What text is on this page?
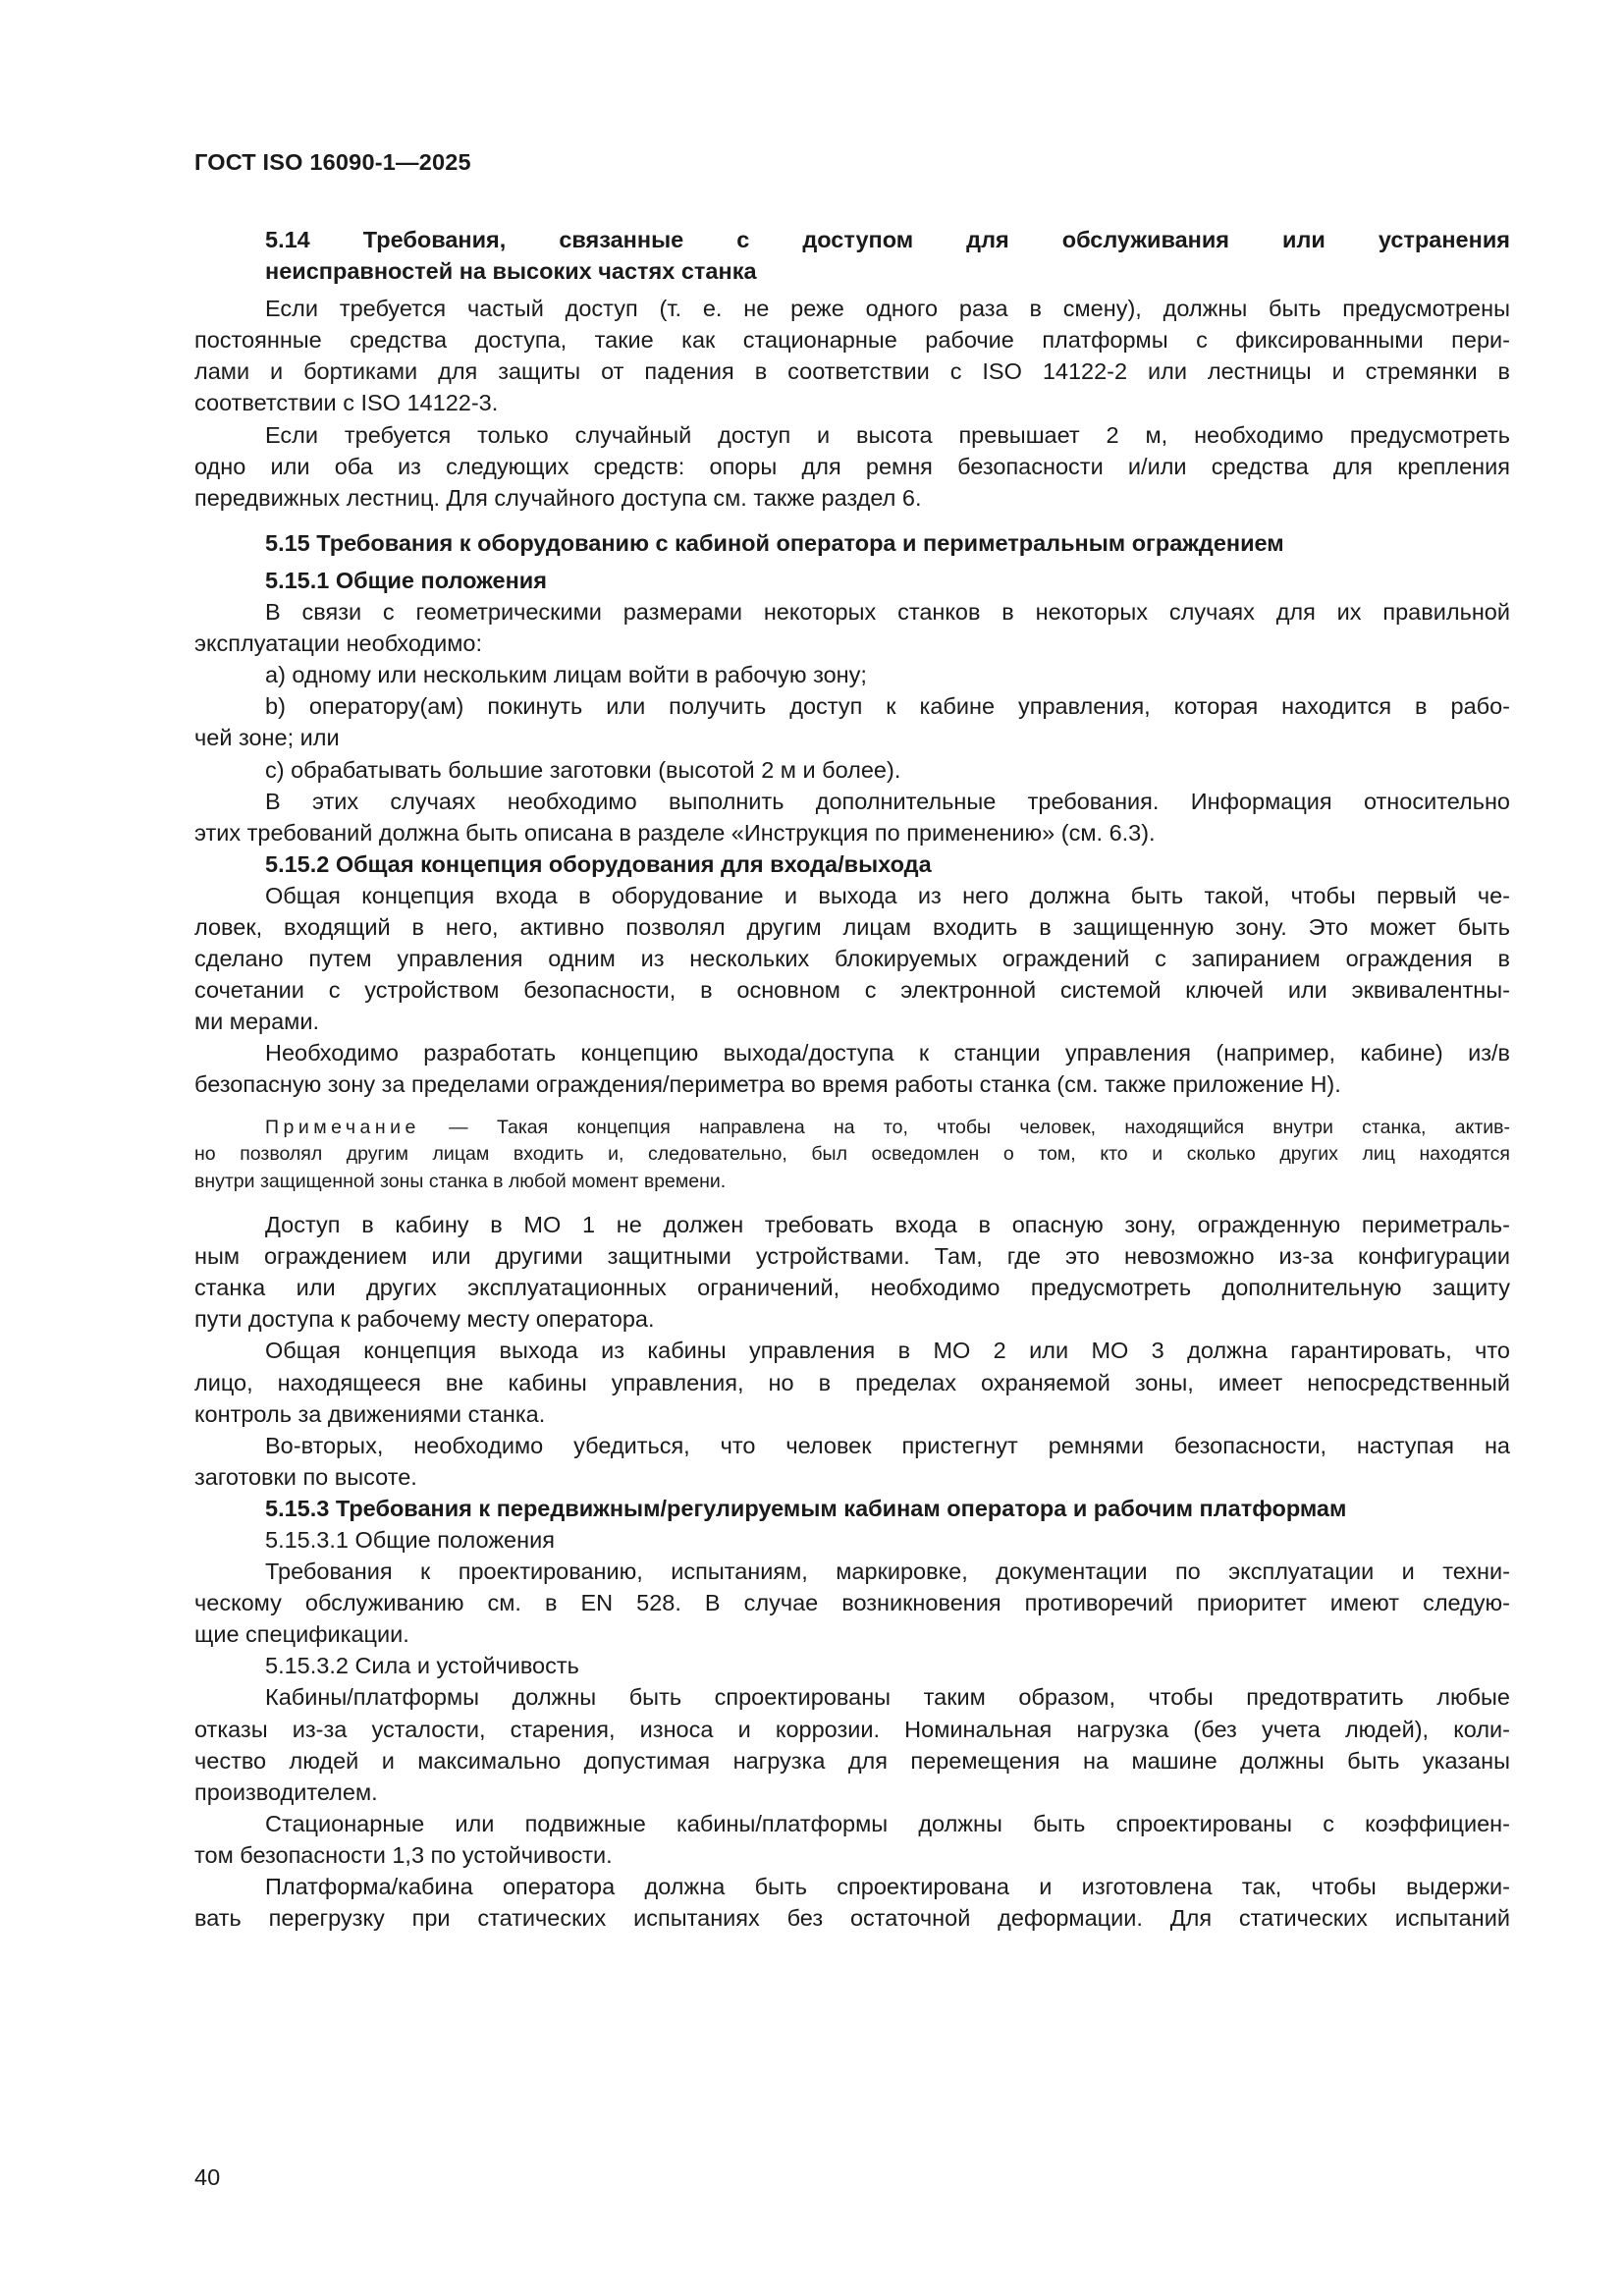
ГОСТ ISO 16090-1—2025
5.14 Требования, связанные с доступом для обслуживания или устранения
неисправностей на высоких частях станка
Если требуется частый доступ (т. е. не реже одного раза в смену), должны быть предусмотрены
постоянные средства доступа, такие как стационарные рабочие платформы с фиксированными пери-
лами и бортиками для защиты от падения в соответствии с ISO 14122-2 или лестницы и стремянки в
соответствии с ISO 14122-3.
Если требуется только случайный доступ и высота превышает 2 м, необходимо предусмотреть
одно или оба из следующих средств: опоры для ремня безопасности и/или средства для крепления
передвижных лестниц. Для случайного доступа см. также раздел 6.
5.15 Требования к оборудованию с кабиной оператора и периметральным ограждением
5.15.1 Общие положения
В связи с геометрическими размерами некоторых станков в некоторых случаях для их правильной
эксплуатации необходимо:
a) одному или нескольким лицам войти в рабочую зону;
b) оператору(ам) покинуть или получить доступ к кабине управления, которая находится в рабо-
чей зоне; или
c) обрабатывать большие заготовки (высотой 2 м и более).
В этих случаях необходимо выполнить дополнительные требования. Информация относительно
этих требований должна быть описана в разделе «Инструкция по применению» (см. 6.3).
5.15.2 Общая концепция оборудования для входа/выхода
Общая концепция входа в оборудование и выхода из него должна быть такой, чтобы первый че-
ловек, входящий в него, активно позволял другим лицам входить в защищенную зону. Это может быть
сделано путем управления одним из нескольких блокируемых ограждений с запиранием ограждения в
сочетании с устройством безопасности, в основном с электронной системой ключей или эквивалентны-
ми мерами.
Необходимо разработать концепцию выхода/доступа к станции управления (например, кабине) из/в
безопасную зону за пределами ограждения/периметра во время работы станка (см. также приложение H).
Примечание — Такая концепция направлена на то, чтобы человек, находящийся внутри станка, актив-
но позволял другим лицам входить и, следовательно, был осведомлен о том, кто и сколько других лиц находятся
внутри защищенной зоны станка в любой момент времени.
Доступ в кабину в МО 1 не должен требовать входа в опасную зону, огражденную периметраль-
ным ограждением или другими защитными устройствами. Там, где это невозможно из-за конфигурации
станка или других эксплуатационных ограничений, необходимо предусмотреть дополнительную защиту
пути доступа к рабочему месту оператора.
Общая концепция выхода из кабины управления в МО 2 или МО 3 должна гарантировать, что
лицо, находящееся вне кабины управления, но в пределах охраняемой зоны, имеет непосредственный
контроль за движениями станка.
Во-вторых, необходимо убедиться, что человек пристегнут ремнями безопасности, наступая на
заготовки по высоте.
5.15.3 Требования к передвижным/регулируемым кабинам оператора и рабочим платформам
5.15.3.1 Общие положения
Требования к проектированию, испытаниям, маркировке, документации по эксплуатации и техни-
ческому обслуживанию см. в EN 528. В случае возникновения противоречий приоритет имеют следую-
щие спецификации.
5.15.3.2 Сила и устойчивость
Кабины/платформы должны быть спроектированы таким образом, чтобы предотвратить любые
отказы из-за усталости, старения, износа и коррозии. Номинальная нагрузка (без учета людей), коли-
чество людей и максимально допустимая нагрузка для перемещения на машине должны быть указаны
производителем.
Стационарные или подвижные кабины/платформы должны быть спроектированы с коэффициен-
том безопасности 1,3 по устойчивости.
Платформа/кабина оператора должна быть спроектирована и изготовлена так, чтобы выдержи-
вать перегрузку при статических испытаниях без остаточной деформации. Для статических испытаний
40
